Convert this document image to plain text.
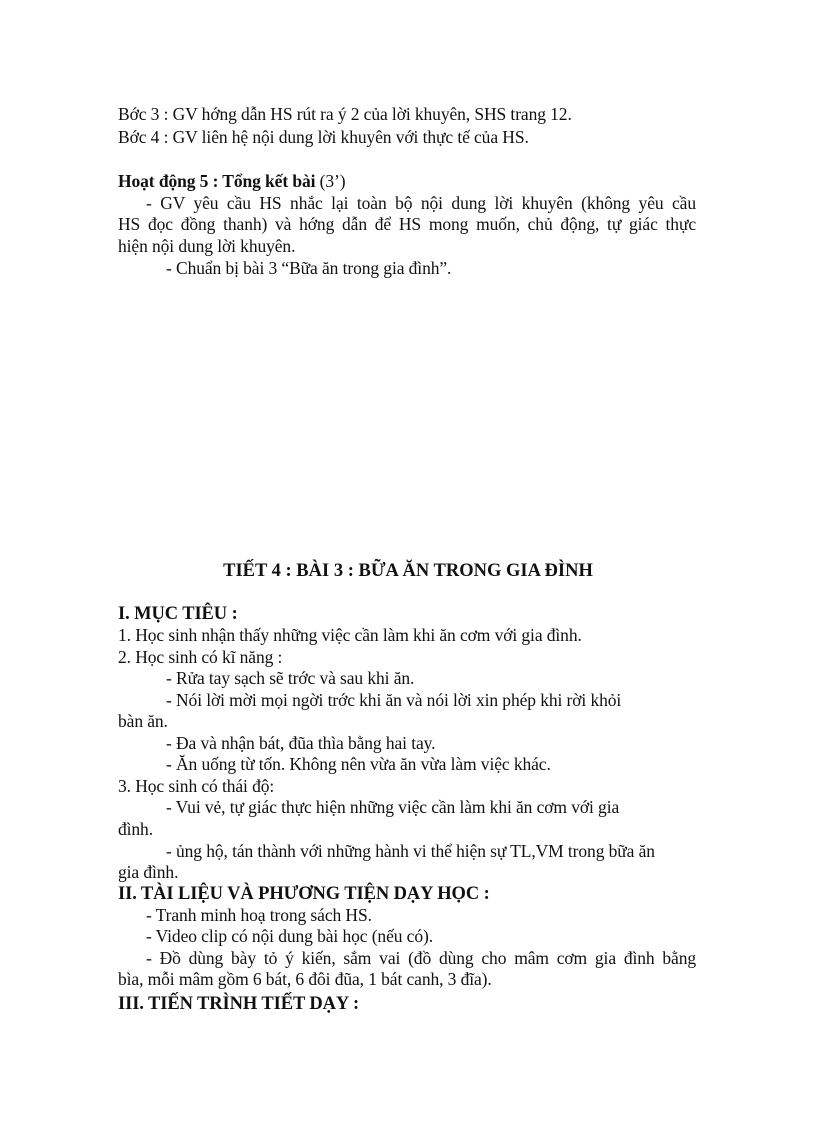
Bớc 3 : GV hớng dẫn HS rút ra ý 2 của lời khuyên, SHS trang 12.
Bớc 4 : GV liên hệ nội dung lời khuyên với thực tế của HS.
Hoạt động 5 : Tổng kết bài (3’)
- GV yêu cầu HS nhắc lại toàn bộ nội dung lời khuyên (không yêu cầu
HS đọc đồng thanh) và hớng dẫn để HS mong muốn, chủ động, tự giác thực
hiện nội dung lời khuyên.
- Chuẩn bị bài 3 “Bữa ăn trong gia đình”.
TIẾT 4 : BÀI 3 : BỮA ĂN TRONG GIA ĐÌNH
I. MỤC TIÊU :
1. Học sinh nhận thấy những việc cần làm khi ăn cơm với gia đình.
2. Học sinh có kĩ năng :
- Rửa tay sạch sẽ trớc và sau khi ăn.
- Nói lời mời mọi ngời trớc khi ăn và nói lời xin phép khi rời khỏi
bàn ăn.
- Đa và nhận bát, đũa thìa bằng hai tay.
- Ăn uống từ tốn. Không nên vừa ăn vừa làm việc khác.
3. Học sinh có thái độ:
- Vui vẻ, tự giác thực hiện những việc cần làm khi ăn cơm với gia
đình.
- ủng hộ, tán thành với những hành vi thể hiện sự TL,VM trong bữa ăn
gia đình.
II. TÀI LIỆU VÀ PHƯƠNG TIỆN DẠY HỌC :
- Tranh minh hoạ trong sách HS.
- Video clip có nội dung bài học (nếu có).
- Đồ dùng bày tỏ ý kiến, sắm vai (đồ dùng cho mâm cơm gia đình bằng
bìa, mỗi mâm gồm 6 bát, 6 đôi đũa, 1 bát canh, 3 đĩa).
III. TIẾN TRÌNH TIẾT DẠY :
